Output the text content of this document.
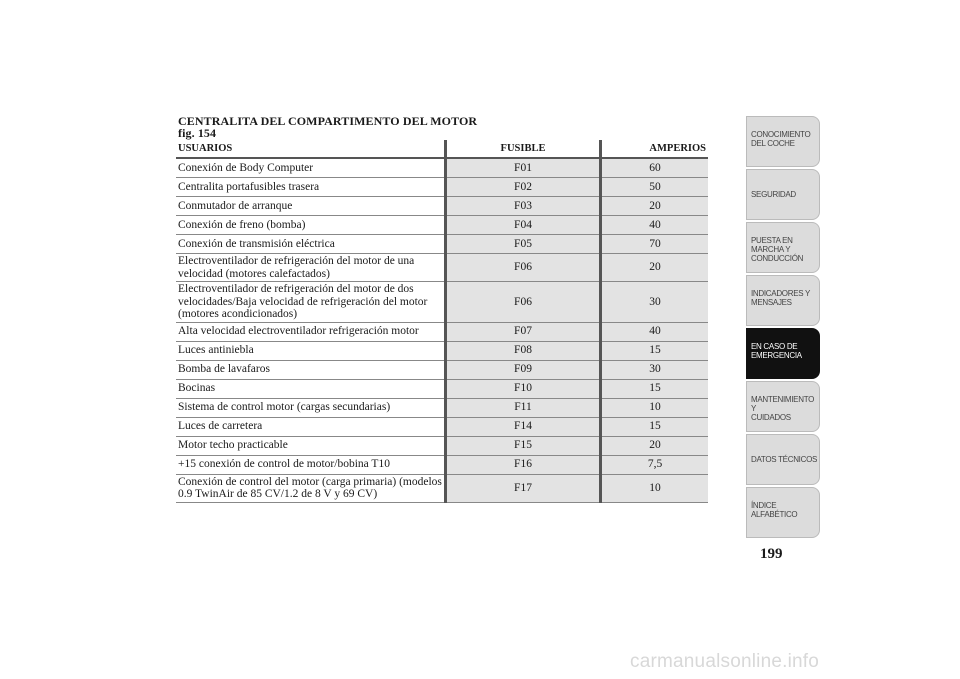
CENTRALITA DEL COMPARTIMENTO DEL MOTOR
fig. 154
USUARIOS	FUSIBLE	AMPERIOS
Conexión de Body Computer	F01	60
Centralita portafusibles trasera	F02	50
Conmutador de arranque	F03	20
Conexión de freno (bomba)	F04	40
Conexión de transmisión eléctrica	F05	70
Electroventilador de refrigeración del motor de una velocidad (motores calefactados)	F06	20
Electroventilador de refrigeración del motor de dos velocidades/Baja velocidad de refrigeración del motor (motores acondicionados)	F06	30
Alta velocidad electroventilador refrigeración motor	F07	40
Luces antiniebla	F08	15
Bomba de lavafaros	F09	30
Bocinas	F10	15
Sistema de control motor (cargas secundarias)	F11	10
Luces de carretera	F14	15
Motor techo practicable	F15	20
+15 conexión de control de motor/bobina T10	F16	7,5
Conexión de control del motor (carga primaria) (modelos 0.9 TwinAir de 85 CV/1.2 de 8 V y 69 CV)	F17	10
CONOCIMIENTO
DEL COCHE
SEGURIDAD
PUESTA EN
MARCHA Y
CONDUCCIÓN
INDICADORES Y
MENSAJES
EN CASO DE
EMERGENCIA
MANTENIMIENTO Y
CUIDADOS
DATOS TÉCNICOS
ÍNDICE
ALFABÉTICO
199
carmanualsonline.info
